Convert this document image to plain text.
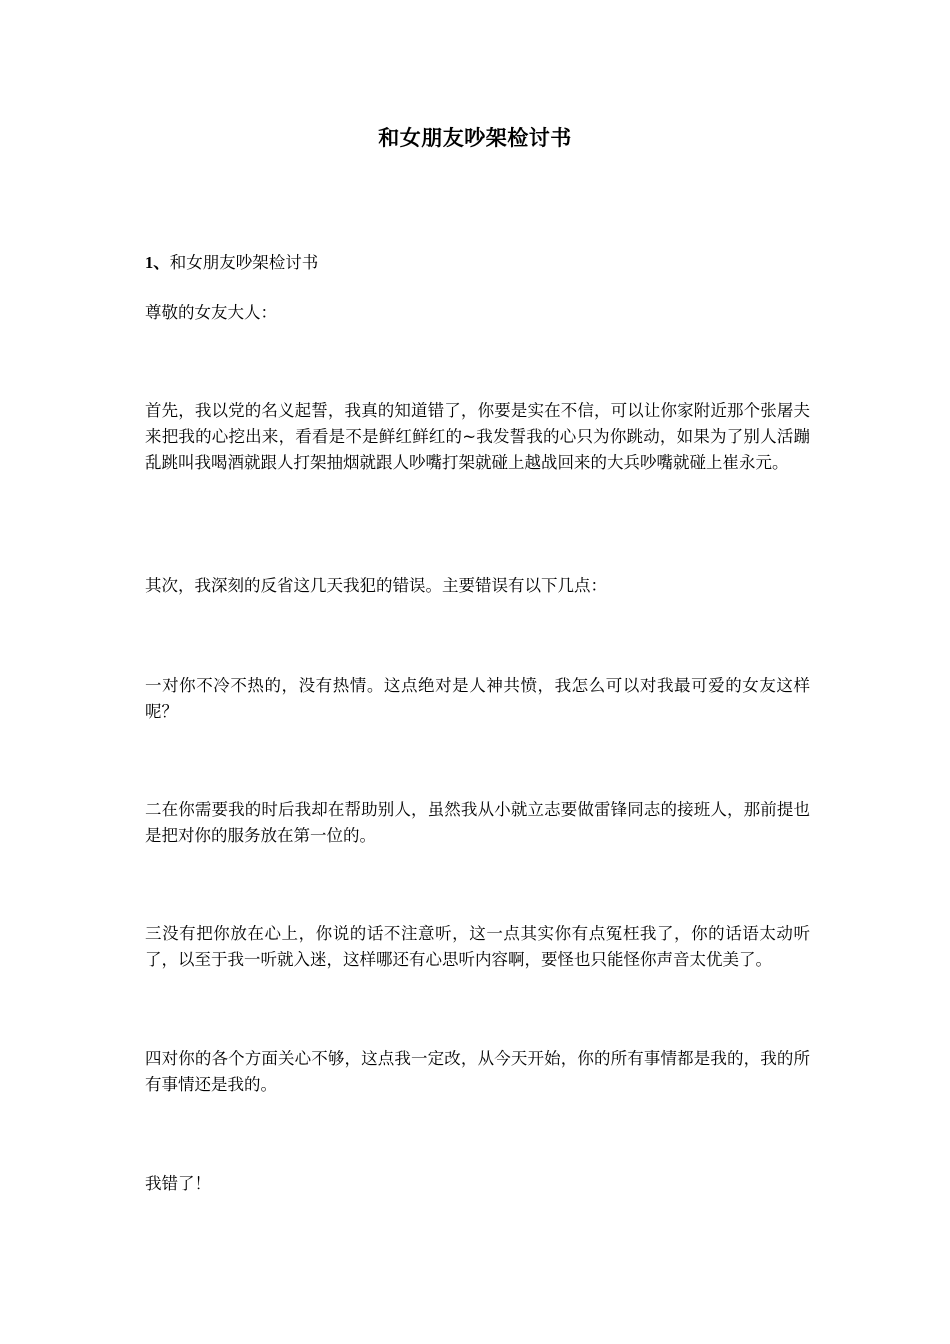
和女朋友吵架检讨书
1、和女朋友吵架检讨书
尊敬的女友大人：
首先，我以党的名义起誓，我真的知道错了，你要是实在不信，可以让你家附近那个张屠夫来把我的心挖出来，看看是不是鲜红鲜红的~我发誓我的心只为你跳动，如果为了别人活蹦乱跳叫我喝酒就跟人打架抽烟就跟人吵嘴打架就碰上越战回来的大兵吵嘴就碰上崔永元。
其次，我深刻的反省这几天我犯的错误。主要错误有以下几点：
一对你不冷不热的，没有热情。这点绝对是人神共愤，我怎么可以对我最可爱的女友这样呢？
二在你需要我的时后我却在帮助别人，虽然我从小就立志要做雷锋同志的接班人，那前提也是把对你的服务放在第一位的。
三没有把你放在心上，你说的话不注意听，这一点其实你有点冤枉我了，你的话语太动听了，以至于我一听就入迷，这样哪还有心思听内容啊，要怪也只能怪你声音太优美了。
四对你的各个方面关心不够，这点我一定改，从今天开始，你的所有事情都是我的，我的所有事情还是我的。
我错了！
